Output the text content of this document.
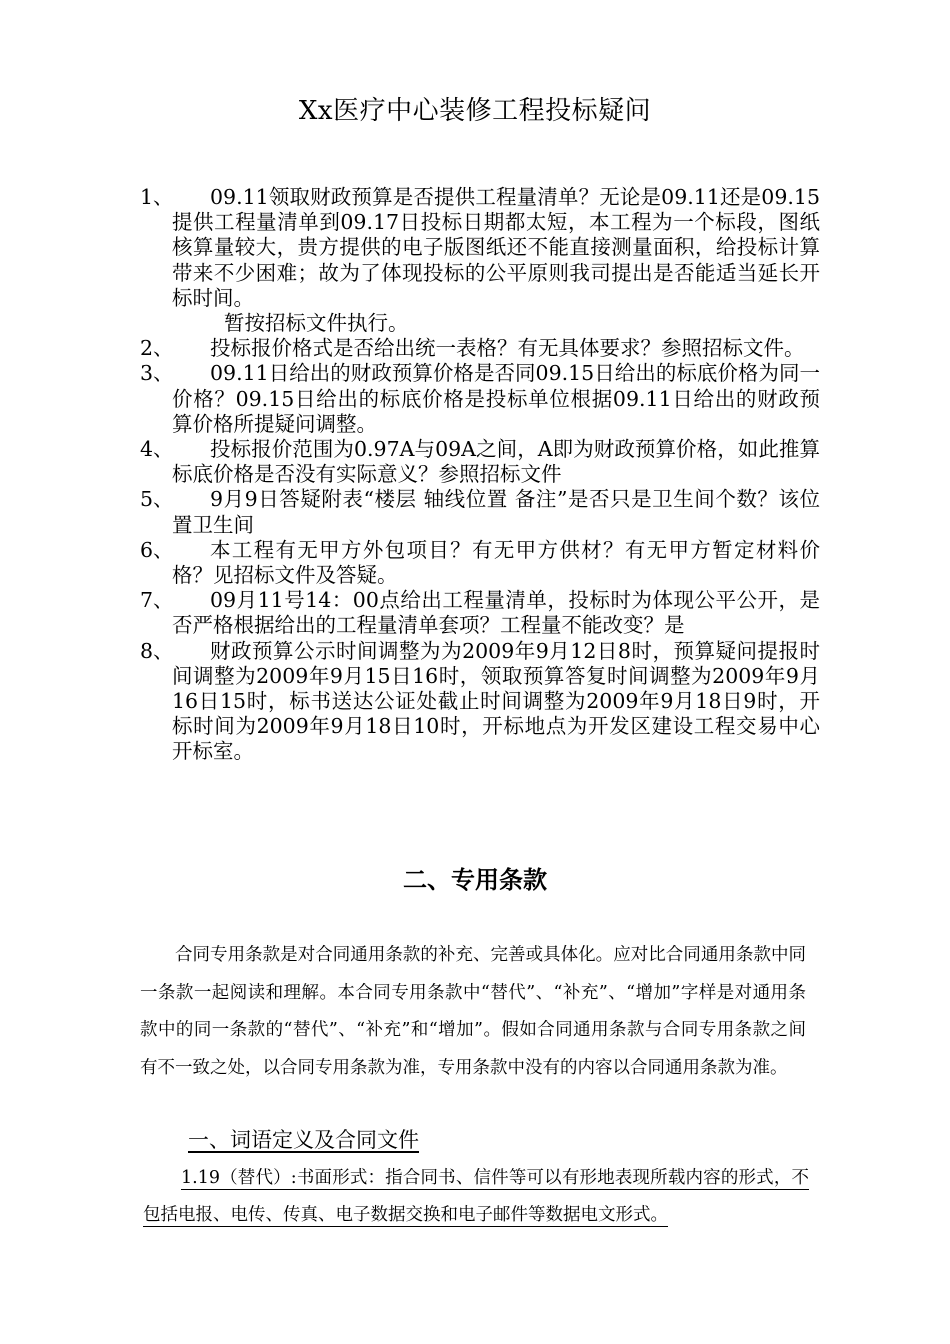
Xx医疗中心装修工程投标疑问
1、	09.11领取财政预算是否提供工程量清单？无论是09.11还是09.15提供工程量清单到09.17日投标日期都太短，本工程为一个标段，图纸核算量较大，贵方提供的电子版图纸还不能直接测量面积，给投标计算带来不少困难；故为了体现投标的公平原则我司提出是否能适当延长开标时间。
暂按招标文件执行。
2、	投标报价格式是否给出统一表格？有无具体要求？参照招标文件。
3、	09.11日给出的财政预算价格是否同09.15日给出的标底价格为同一价格？09.15日给出的标底价格是投标单位根据09.11日给出的财政预算价格所提疑问调整。
4、	投标报价范围为0.97A与09A之间，A即为财政预算价格，如此推算标底价格是否没有实际意义？参照招标文件
5、	9月9日答疑附表“楼层 轴线位置 备注”是否只是卫生间个数？该位置卫生间
6、	本工程有无甲方外包项目？有无甲方供材？有无甲方暂定材料价格？见招标文件及答疑。
7、	09月11号14：00点给出工程量清单，投标时为体现公平公开，是否严格根据给出的工程量清单套项？工程量不能改变？是
8、	财政预算公示时间调整为为2009年9月12日8时，预算疑问提报时间调整为2009年9月15日16时，领取预算答复时间调整为2009年9月16日15时，标书送达公证处截止时间调整为2009年9月18日9时，开标时间为2009年9月18日10时，开标地点为开发区建设工程交易中心开标室。
二、专用条款
合同专用条款是对合同通用条款的补充、完善或具体化。应对比合同通用条款中同一条款一起阅读和理解。本合同专用条款中“替代”、“补充”、“增加”字样是对通用条款中的同一条款的“替代”、“补充”和“增加”。假如合同通用条款与合同专用条款之间有不一致之处，以合同专用条款为准，专用条款中没有的内容以合同通用条款为准。
一、词语定义及合同文件
1.19（替代）:书面形式：指合同书、信件等可以有形地表现所载内容的形式，不包括电报、电传、传真、电子数据交换和电子邮件等数据电文形式。
